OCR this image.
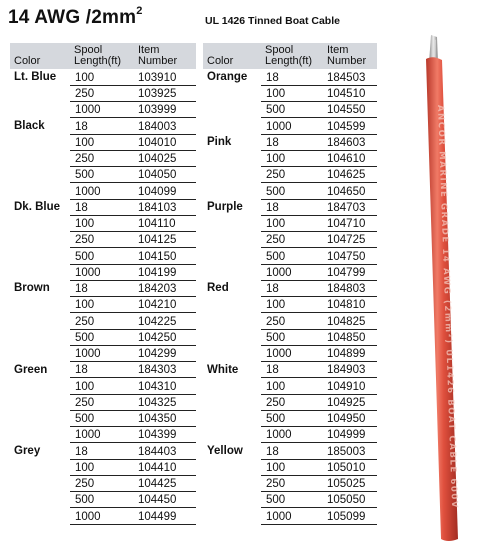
14 AWG $/2mm^2$
UL 1426 Tinned Boat Cable
Color	Spool Length(ft)	Item Number
Lt. Blue	100	103910
	250	103925
	1000	103999
Black	18	184003
	100	104010
	250	104025
	500	104050
	1000	104099
Dk. Blue	18	184103
	100	104110
	250	104125
	500	104150
	1000	104199
Brown	18	184203
	100	104210
	250	104225
	500	104250
	1000	104299
Green	18	184303
	100	104310
	250	104325
	500	104350
	1000	104399
Grey	18	184403
	100	104410
	250	104425
	500	104450
	1000	104499
Color	Spool Length(ft)	Item Number
Orange	18	184503
	100	104510
	500	104550
	1000	104599
Pink	18	184603
	100	104610
	250	104625
	500	104650
Purple	18	184703
	100	104710
	250	104725
	500	104750
	1000	104799
Red	18	184803
	100	104810
	250	104825
	500	104850
	1000	104899
White	18	184903
	100	104910
	250	104925
	500	104950
	1000	104999
Yellow	18	185003
	100	105010
	250	105025
	500	105050
	1000	105099
ANCOR MARINE GRADE 14 AWG (2mm²) UL1426 BOAT CABLE 600V
